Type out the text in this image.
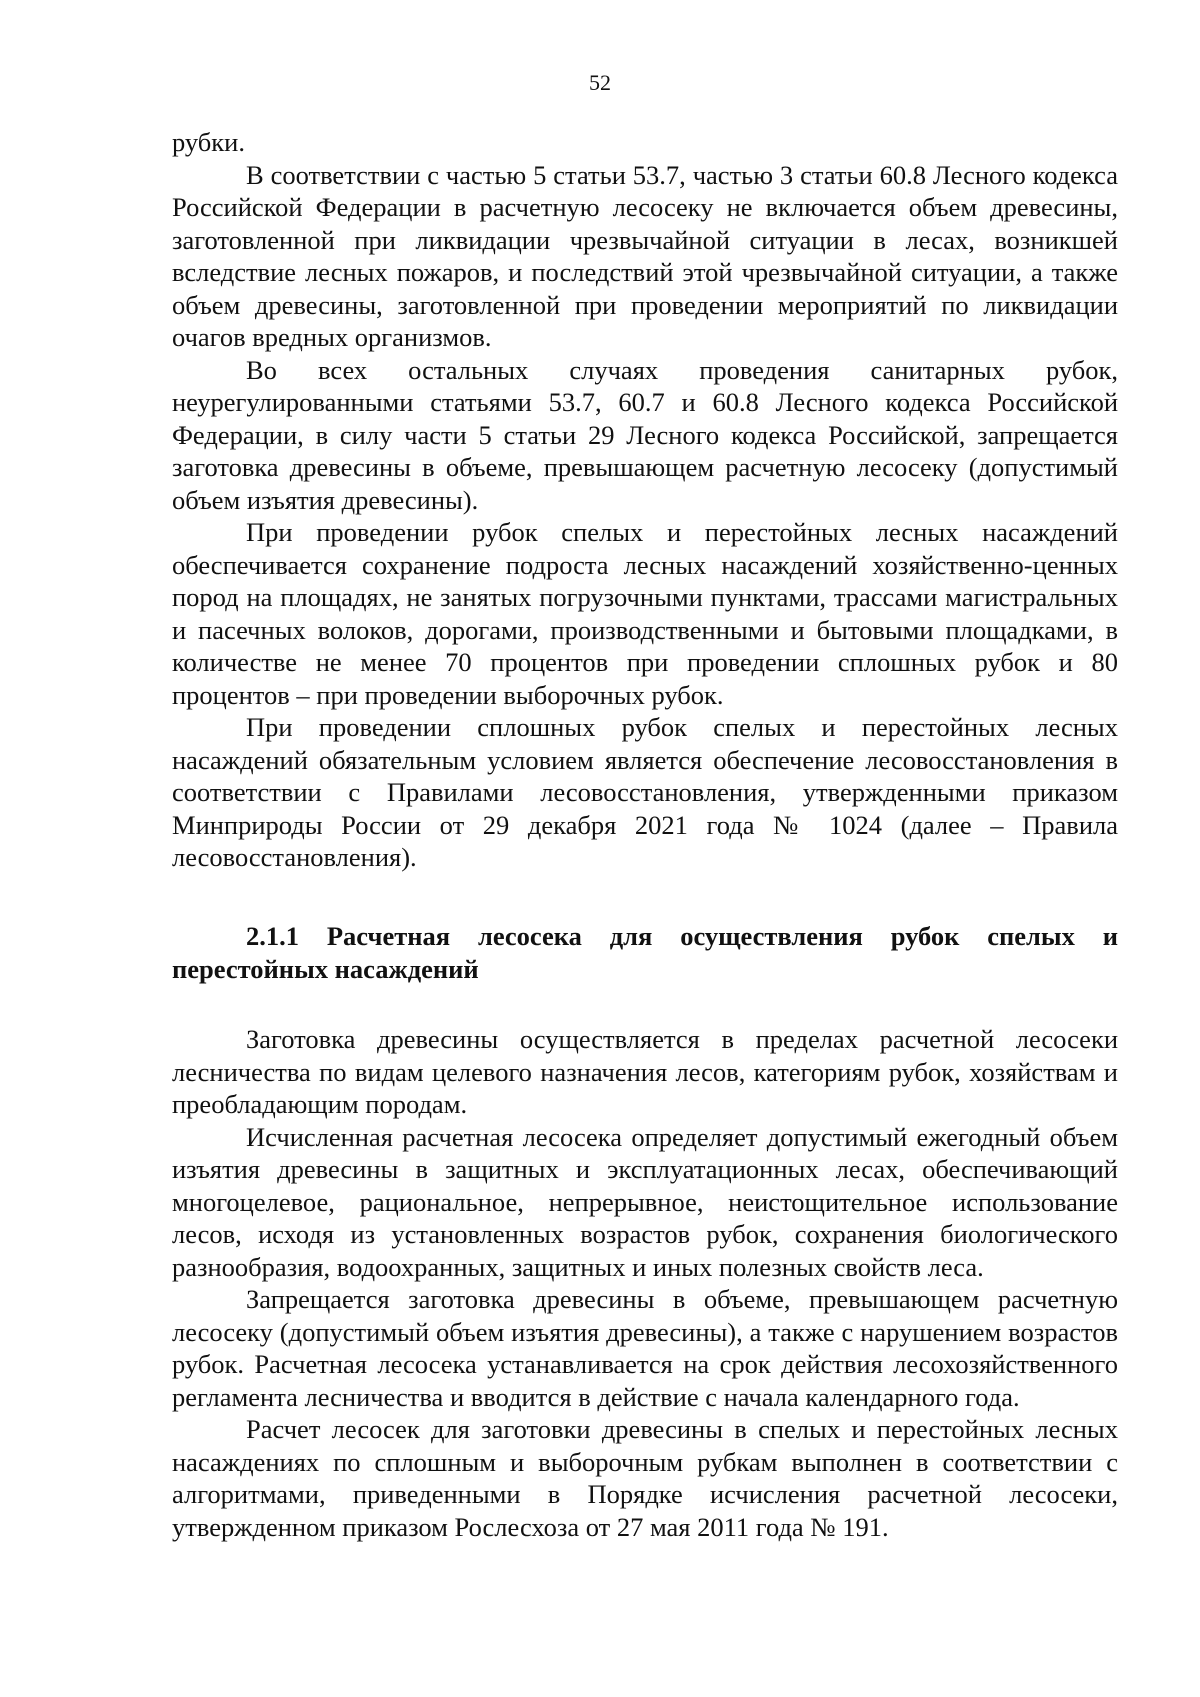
52

рубки.

В соответствии с частью 5 статьи 53.7, частью 3 статьи 60.8 Лесного кодекса Российской Федерации в расчетную лесосеку не включается объем древесины, заготовленной при ликвидации чрезвычайной ситуации в лесах, возникшей вследствие лесных пожаров, и последствий этой чрезвычайной ситуации, а также объем древесины, заготовленной при проведении мероприятий по ликвидации очагов вредных организмов.

Во всех остальных случаях проведения санитарных рубок, неурегулированными статьями 53.7, 60.7 и 60.8 Лесного кодекса Российской Федерации, в силу части 5 статьи 29 Лесного кодекса Российской, запрещается заготовка древесины в объеме, превышающем расчетную лесосеку (допустимый объем изъятия древесины).

При проведении рубок спелых и перестойных лесных насаждений обеспечивается сохранение подроста лесных насаждений хозяйственно-ценных пород на площадях, не занятых погрузочными пунктами, трассами магистральных и пасечных волоков, дорогами, производственными и бытовыми площадками, в количестве не менее 70 процентов при проведении сплошных рубок и 80 процентов – при проведении выборочных рубок.

При проведении сплошных рубок спелых и перестойных лесных насаждений обязательным условием является обеспечение лесовосстановления в соответствии с Правилами лесовосстановления, утвержденными приказом Минприроды России от 29 декабря 2021 года № 1024 (далее – Правила лесовосстановления).

2.1.1 Расчетная лесосека для осуществления рубок спелых и перестойных насаждений

Заготовка древесины осуществляется в пределах расчетной лесосеки лесничества по видам целевого назначения лесов, категориям рубок, хозяйствам и преобладающим породам.

Исчисленная расчетная лесосека определяет допустимый ежегодный объем изъятия древесины в защитных и эксплуатационных лесах, обеспечивающий многоцелевое, рациональное, непрерывное, неистощительное использование лесов, исходя из установленных возрастов рубок, сохранения биологического разнообразия, водоохранных, защитных и иных полезных свойств леса.

Запрещается заготовка древесины в объеме, превышающем расчетную лесосеку (допустимый объем изъятия древесины), а также с нарушением возрастов рубок. Расчетная лесосека устанавливается на срок действия лесохозяйственного регламента лесничества и вводится в действие с начала календарного года.

Расчет лесосек для заготовки древесины в спелых и перестойных лесных насаждениях по сплошным и выборочным рубкам выполнен в соответствии с алгоритмами, приведенными в Порядке исчисления расчетной лесосеки, утвержденном приказом Рослесхоза от 27 мая 2011 года № 191.
